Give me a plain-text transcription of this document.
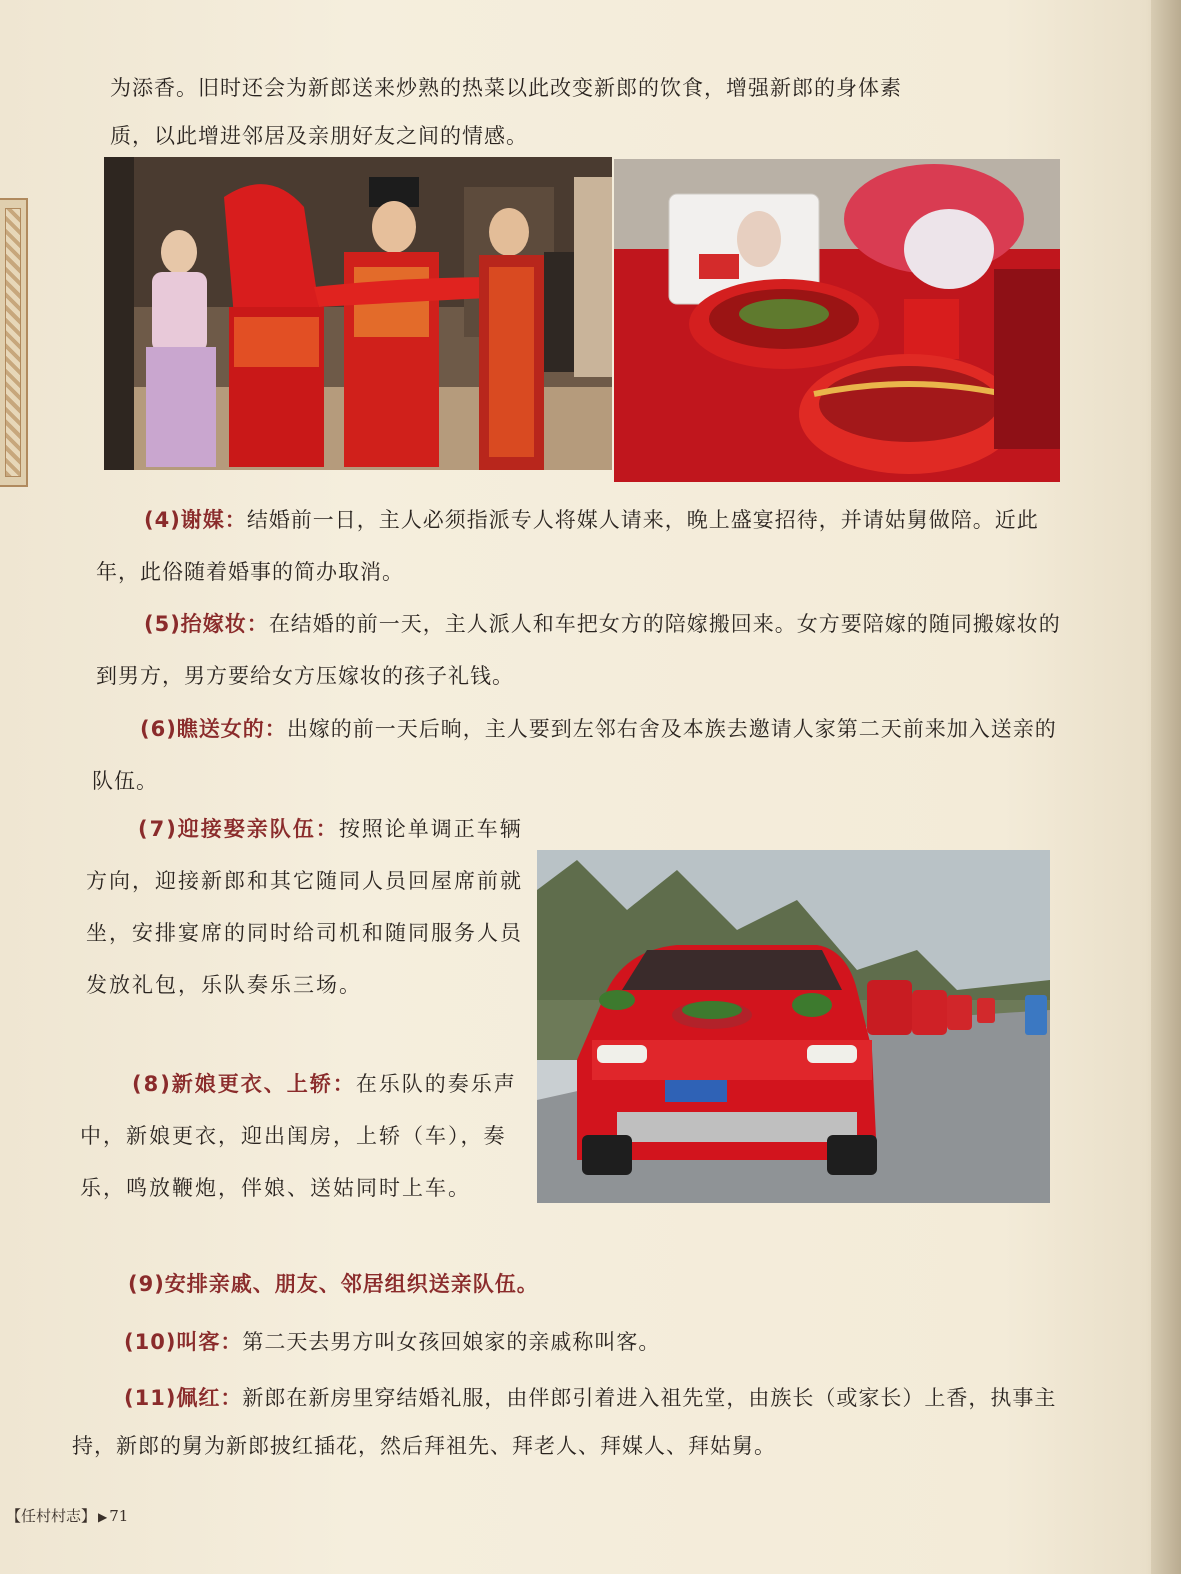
为添香。旧时还会为新郎送来炒熟的热菜以此改变新郎的饮食，增强新郎的身体素

质，以此增进邻居及亲朋好友之间的情感。

(4)谢媒：结婚前一日，主人必须指派专人将媒人请来，晚上盛宴招待，并请姑舅做陪。近此年，此俗随着婚事的简办取消。

(5)抬嫁妆：在结婚的前一天，主人派人和车把女方的陪嫁搬回来。女方要陪嫁的随同搬嫁妆的到男方，男方要给女方压嫁妆的孩子礼钱。

(6)瞧送女的：出嫁的前一天后晌，主人要到左邻右舍及本族去邀请人家第二天前来加入送亲的队伍。

(7)迎接娶亲队伍：按照论单调正车辆方向，迎接新郎和其它随同人员回屋席前就坐，安排宴席的同时给司机和随同服务人员发放礼包，乐队奏乐三场。

(8)新娘更衣、上轿：在乐队的奏乐声中，新娘更衣，迎出闺房，上轿（车），奏乐，鸣放鞭炮，伴娘、送姑同时上车。

(9)安排亲戚、朋友、邻居组织送亲队伍。

(10)叫客：第二天去男方叫女孩回娘家的亲戚称叫客。

(11)佩红：新郎在新房里穿结婚礼服，由伴郎引着进入祖先堂，由族长（或家长）上香，执事主持，新郎的舅为新郎披红插花，然后拜祖先、拜老人、拜媒人、拜姑舅。

【任村村志】 ▶ 71
